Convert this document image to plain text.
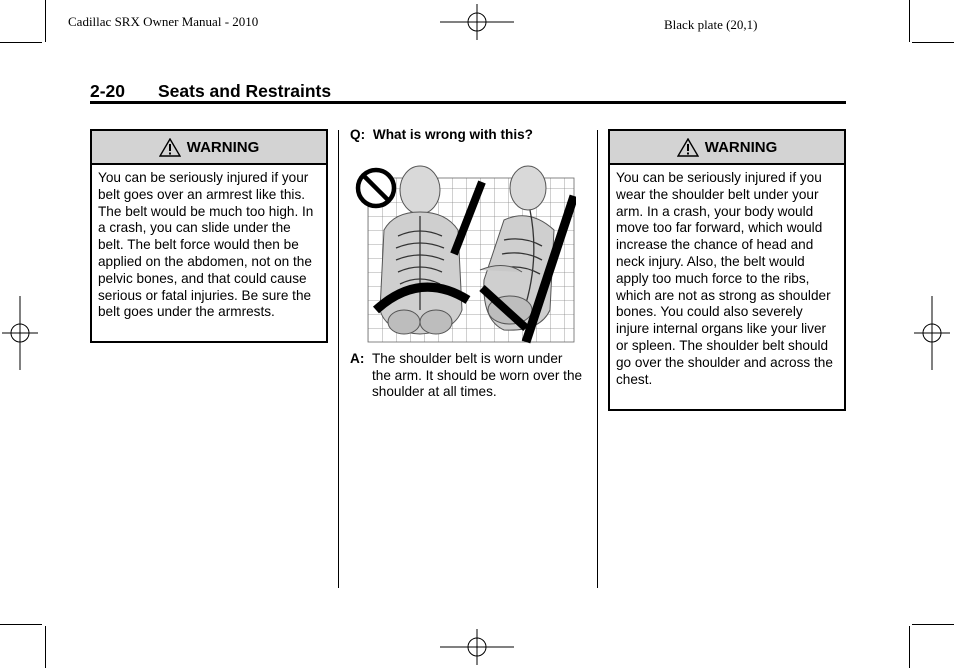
Cadillac SRX Owner Manual - 2010	Black plate (20,1)
2-20 Seats and Restraints
WARNING

You can be seriously injured if your belt goes over an armrest like this. The belt would be much too high. In a crash, you can slide under the belt. The belt force would then be applied on the abdomen, not on the pelvic bones, and that could cause serious or fatal injuries. Be sure the belt goes under the armrests.

Q: What is wrong with this?
A: The shoulder belt is worn under the arm. It should be worn over the shoulder at all times.
WARNING

You can be seriously injured if you wear the shoulder belt under your arm. In a crash, your body would move too far forward, which would increase the chance of head and neck injury. Also, the belt would apply too much force to the ribs, which are not as strong as shoulder bones. You could also severely injure internal organs like your liver or spleen. The shoulder belt should go over the shoulder and across the chest.
